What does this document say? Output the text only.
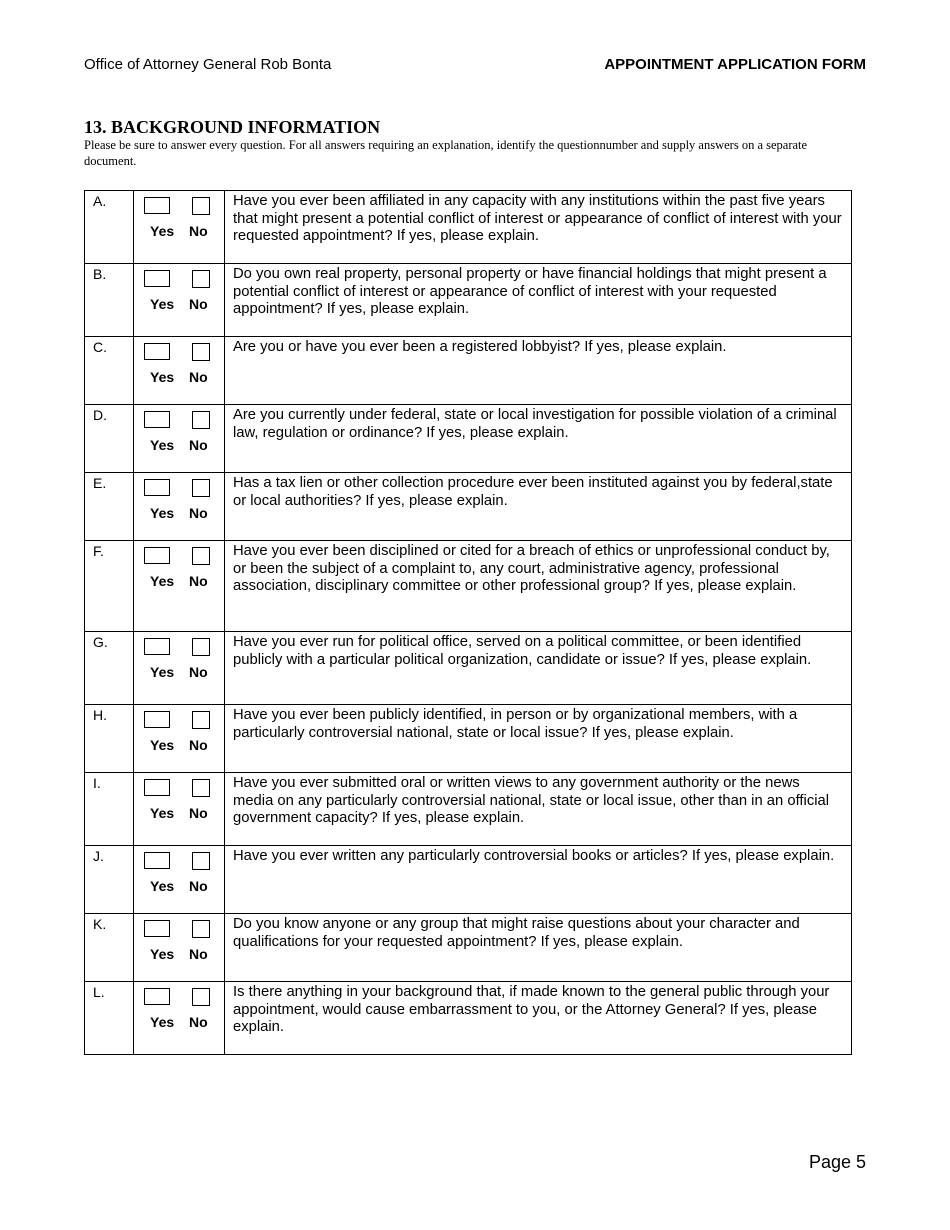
Office of Attorney General Rob Bonta	APPOINTMENT APPLICATION FORM
13. BACKGROUND INFORMATION
Please be sure to answer every question. For all answers requiring an explanation, identify the questionnumber and supply answers on a separate document.
A.	Yes No	Have you ever been affiliated in any capacity with any institutions within the past five years that might present a potential conflict of interest or appearance of conflict of interest with your requested appointment? If yes, please explain.
B.	Yes No	Do you own real property, personal property or have financial holdings that might present a potential conflict of interest or appearance of conflict of interest with your requested appointment? If yes, please explain.
C.	Yes No	Are you or have you ever been a registered lobbyist? If yes, please explain.
D.	Yes No	Are you currently under federal, state or local investigation for possible violation of a criminal law, regulation or ordinance? If yes, please explain.
E.	Yes No	Has a tax lien or other collection procedure ever been instituted against you by federal,state or local authorities? If yes, please explain.
F.	Yes No	Have you ever been disciplined or cited for a breach of ethics or unprofessional conduct by, or been the subject of a complaint to, any court, administrative agency, professional association, disciplinary committee or other professional group? If yes, please explain.
G.	Yes No	Have you ever run for political office, served on a political committee, or been identified publicly with a particular political organization, candidate or issue? If yes, please explain.
H.	Yes No	Have you ever been publicly identified, in person or by organizational members, with a particularly controversial national, state or local issue? If yes, please explain.
I.	Yes No	Have you ever submitted oral or written views to any government authority or the news media on any particularly controversial national, state or local issue, other than in an official government capacity? If yes, please explain.
J.	Yes No	Have you ever written any particularly controversial books or articles? If yes, please explain.
K.	Yes No	Do you know anyone or any group that might raise questions about your character and qualifications for your requested appointment? If yes, please explain.
L.	Yes No	Is there anything in your background that, if made known to the general public through your appointment, would cause embarrassment to you, or the Attorney General? If yes, please explain.
Page 5
